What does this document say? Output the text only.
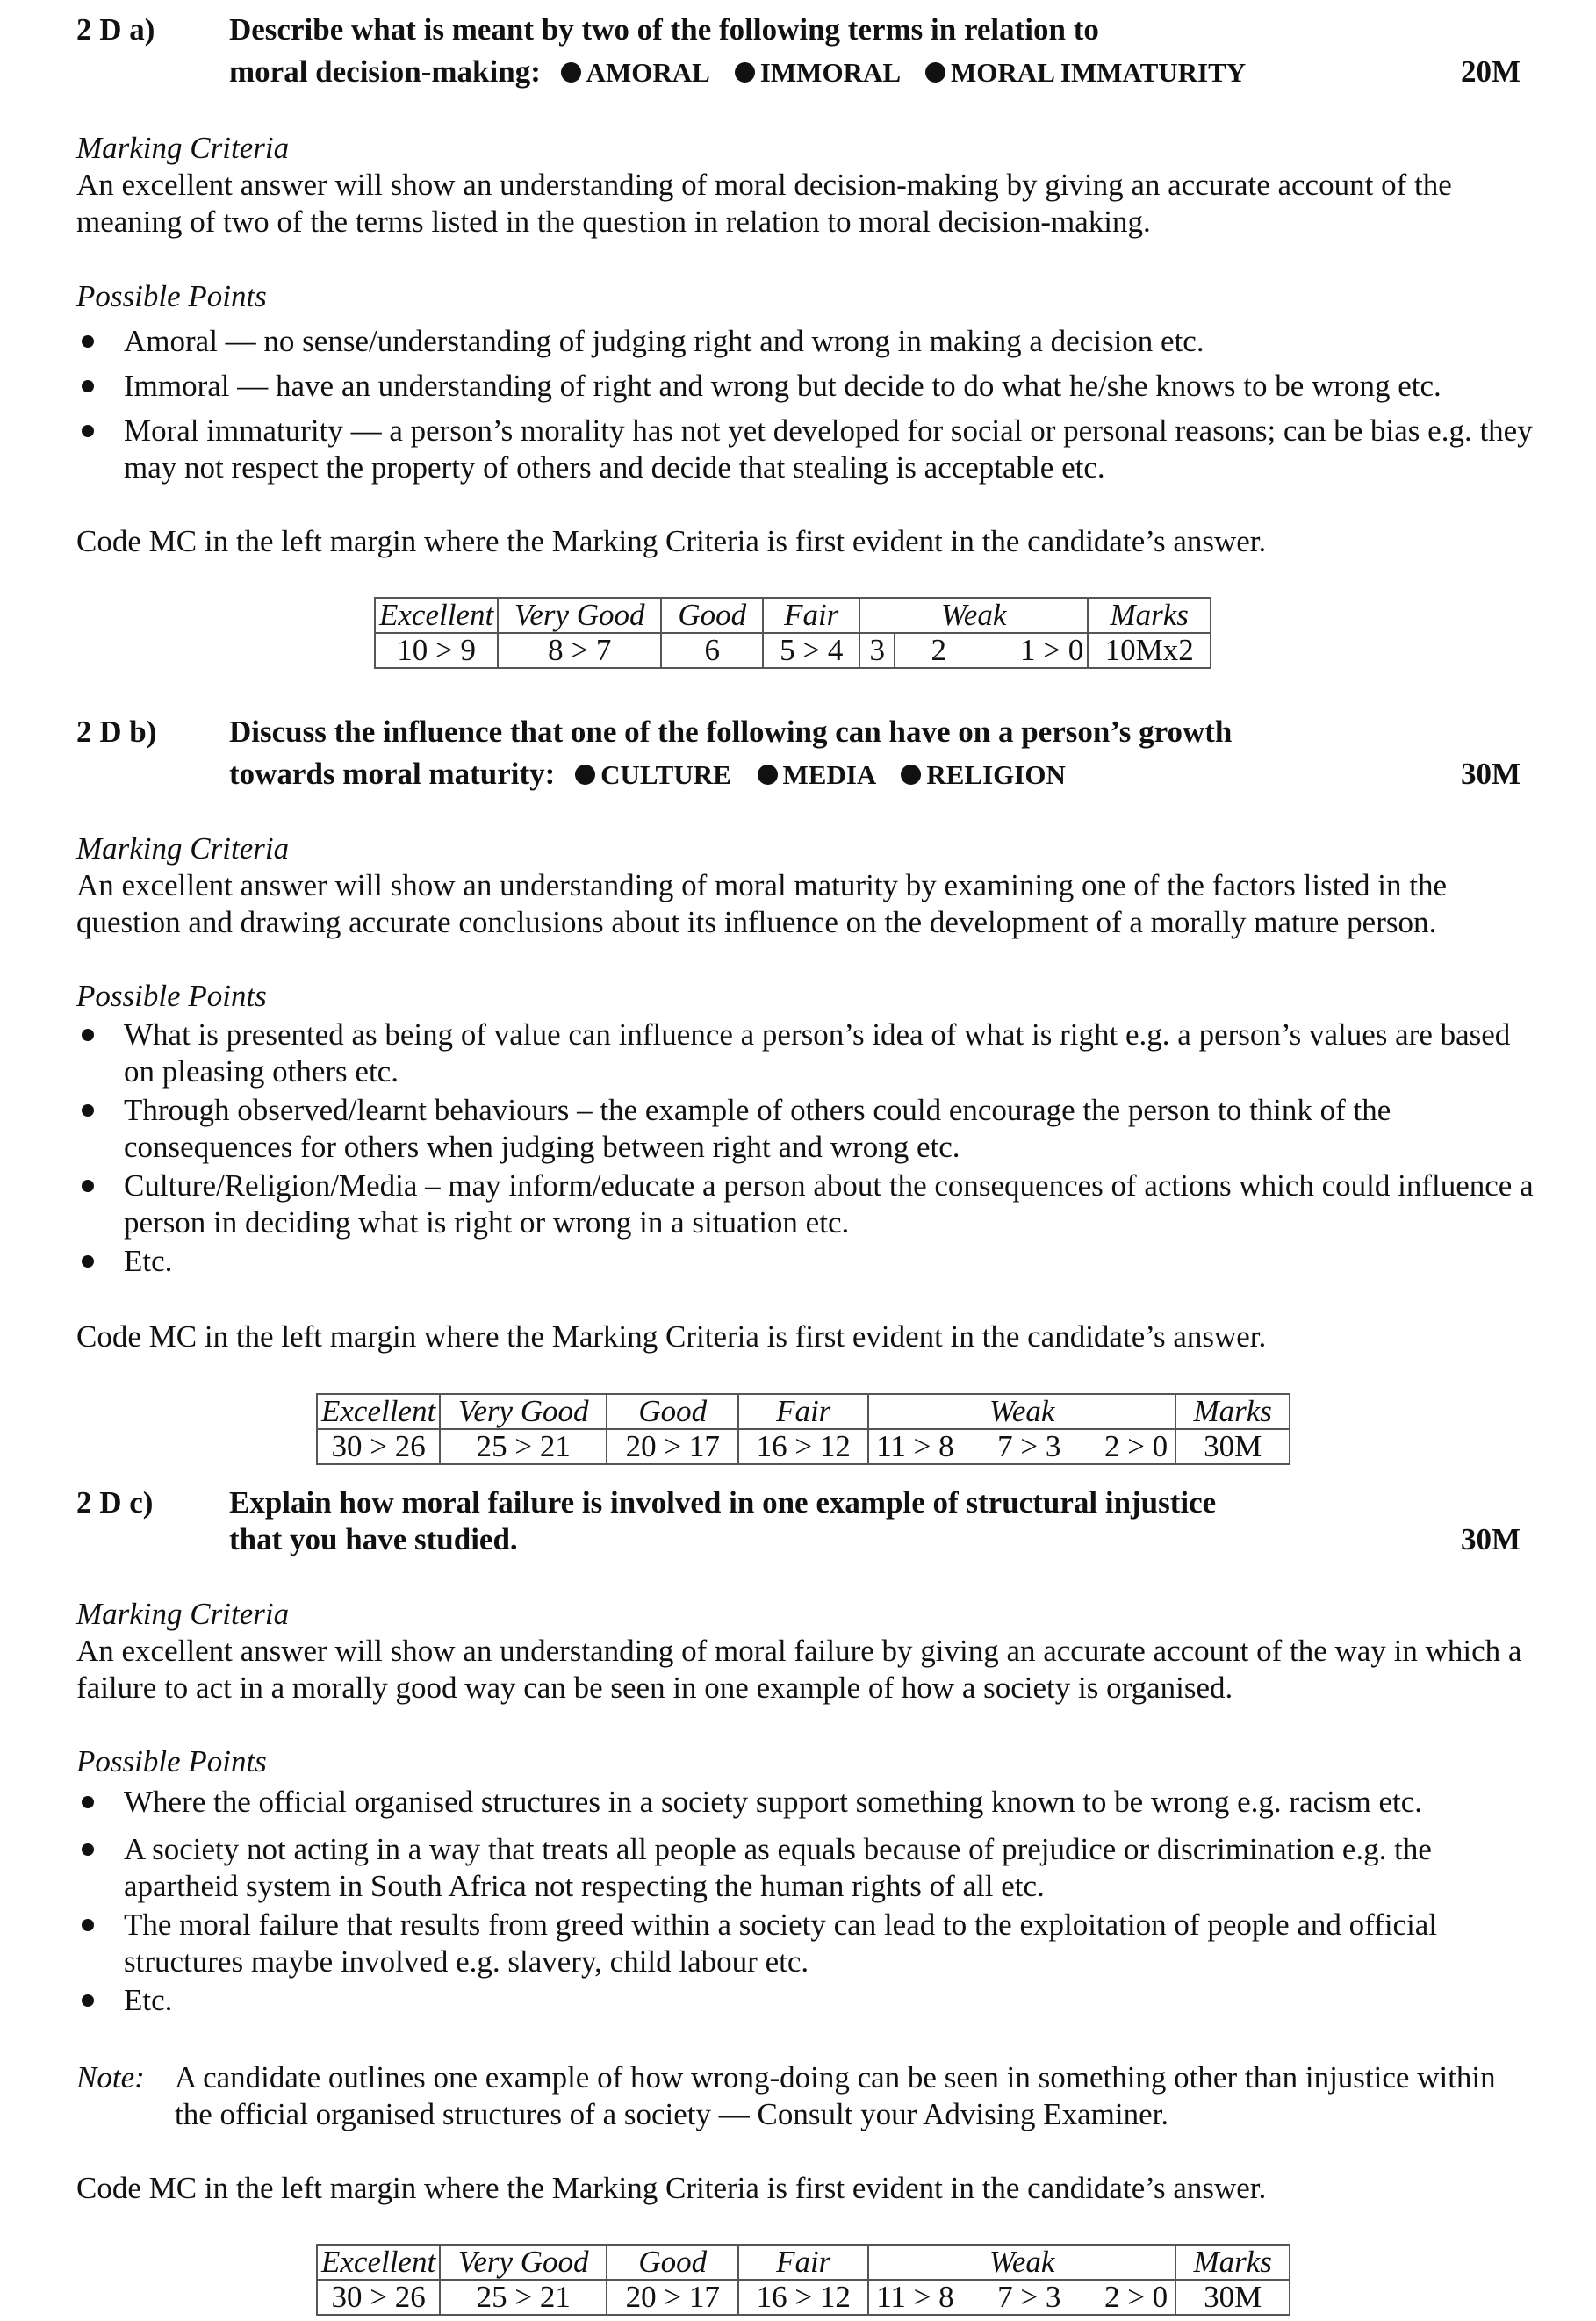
2 D a) Describe what is meant by two of the following terms in relation to
moral decision-making: AMORAL IMMORAL MORAL IMMATURITY	20M
Marking Criteria
An excellent answer will show an understanding of moral decision-making by giving an accurate account of the meaning of two of the terms listed in the question in relation to moral decision-making.
Possible Points
Amoral — no sense/understanding of judging right and wrong in making a decision etc.
Immoral — have an understanding of right and wrong but decide to do what he/she knows to be wrong etc.
Moral immaturity — a person’s morality has not yet developed for social or personal reasons; can be bias e.g. they may not respect the property of others and decide that stealing is acceptable etc.
Code MC in the left margin where the Marking Criteria is first evident in the candidate’s answer.
Excellent	Very Good	Good	Fair	Weak			Marks
10 > 9	8 > 7	6	5 > 4	3	2	1 > 0	10Mx2
2 D b) Discuss the influence that one of the following can have on a person’s growth
towards moral maturity: CULTURE MEDIA RELIGION	30M
Marking Criteria
An excellent answer will show an understanding of moral maturity by examining one of the factors listed in the question and drawing accurate conclusions about its influence on the development of a morally mature person.
Possible Points
What is presented as being of value can influence a person’s idea of what is right e.g. a person’s values are based on pleasing others etc.
Through observed/learnt behaviours – the example of others could encourage the person to think of the consequences for others when judging between right and wrong etc.
Culture/Religion/Media – may inform/educate a person about the consequences of actions which could influence a person in deciding what is right or wrong in a situation etc.
Etc.
Code MC in the left margin where the Marking Criteria is first evident in the candidate’s answer.
Excellent	Very Good	Good	Fair	Weak	Marks
30 > 26	25 > 21	20 > 17	16 > 12	11 > 8 7 > 3 2 > 0	30M
2 D c) Explain how moral failure is involved in one example of structural injustice
that you have studied.	30M
Marking Criteria
An excellent answer will show an understanding of moral failure by giving an accurate account of the way in which a failure to act in a morally good way can be seen in one example of how a society is organised.
Possible Points
Where the official organised structures in a society support something known to be wrong e.g. racism etc.
A society not acting in a way that treats all people as equals because of prejudice or discrimination e.g. the apartheid system in South Africa not respecting the human rights of all etc.
The moral failure that results from greed within a society can lead to the exploitation of people and official structures maybe involved e.g. slavery, child labour etc.
Etc.
Note: A candidate outlines one example of how wrong-doing can be seen in something other than injustice within the official organised structures of a society — Consult your Advising Examiner.
Code MC in the left margin where the Marking Criteria is first evident in the candidate’s answer.
Excellent	Very Good	Good	Fair	Weak	Marks
30 > 26	25 > 21	20 > 17	16 > 12	11 > 8 7 > 3 2 > 0	30M
